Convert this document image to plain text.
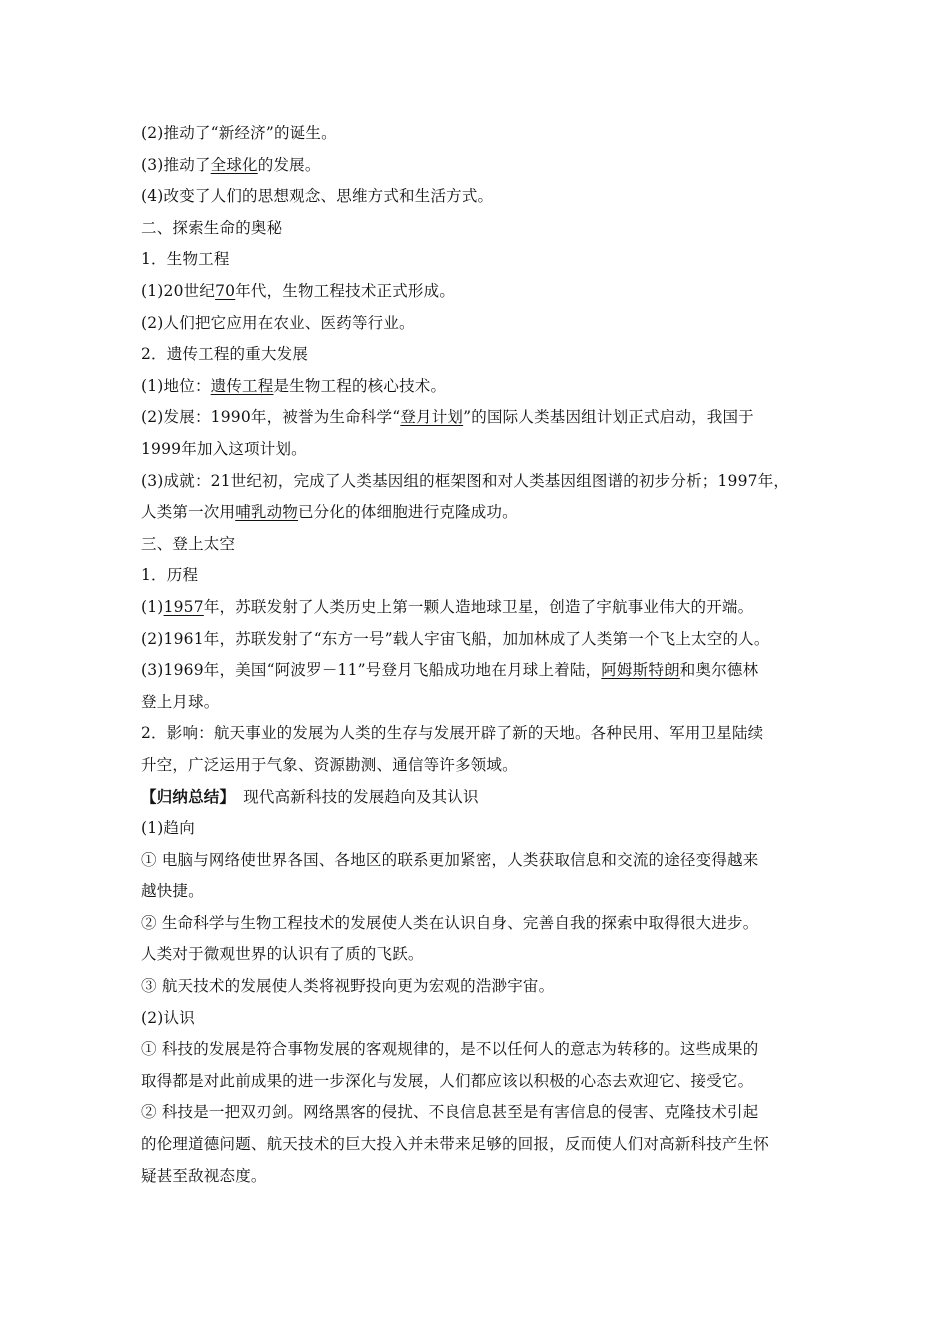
(2)推动了“新经济”的诞生。
(3)推动了全球化的发展。
(4)改变了人们的思想观念、思维方式和生活方式。
二、探索生命的奥秘
1．生物工程
(1)20世纪70年代，生物工程技术正式形成。
(2)人们把它应用在农业、医药等行业。
2．遗传工程的重大发展
(1)地位：遗传工程是生物工程的核心技术。
(2)发展：1990年，被誉为生命科学“登月计划”的国际人类基因组计划正式启动，我国于
1999年加入这项计划。
(3)成就：21世纪初，完成了人类基因组的框架图和对人类基因组图谱的初步分析；1997年，
人类第一次用哺乳动物已分化的体细胞进行克隆成功。
三、登上太空
1．历程
(1)1957年，苏联发射了人类历史上第一颗人造地球卫星，创造了宇航事业伟大的开端。
(2)1961年，苏联发射了“东方一号”载人宇宙飞船，加加林成了人类第一个飞上太空的人。
(3)1969年，美国“阿波罗－11”号登月飞船成功地在月球上着陆，阿姆斯特朗和奥尔德林
登上月球。
2．影响：航天事业的发展为人类的生存与发展开辟了新的天地。各种民用、军用卫星陆续
升空，广泛运用于气象、资源勘测、通信等许多领域。
【归纳总结】 现代高新科技的发展趋向及其认识
(1)趋向
① 电脑与网络使世界各国、各地区的联系更加紧密，人类获取信息和交流的途径变得越来
越快捷。
② 生命科学与生物工程技术的发展使人类在认识自身、完善自我的探索中取得很大进步。
人类对于微观世界的认识有了质的飞跃。
③ 航天技术的发展使人类将视野投向更为宏观的浩渺宇宙。
(2)认识
① 科技的发展是符合事物发展的客观规律的，是不以任何人的意志为转移的。这些成果的
取得都是对此前成果的进一步深化与发展，人们都应该以积极的心态去欢迎它、接受它。
② 科技是一把双刃剑。网络黑客的侵扰、不良信息甚至是有害信息的侵害、克隆技术引起
的伦理道德问题、航天技术的巨大投入并未带来足够的回报，反而使人们对高新科技产生怀
疑甚至敌视态度。
